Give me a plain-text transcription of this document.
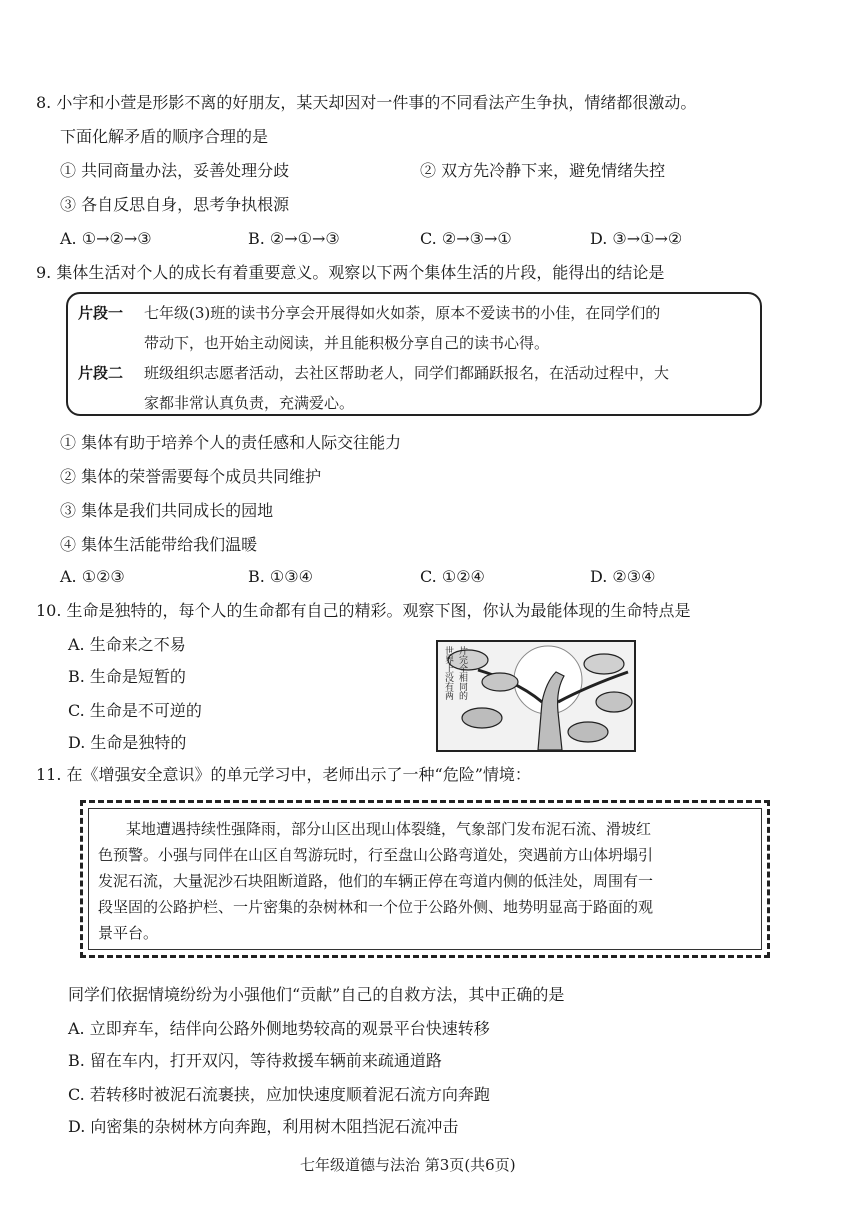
8. 小宇和小萱是形影不离的好朋友，某天却因对一件事的不同看法产生争执，情绪都很激动。
下面化解矛盾的顺序合理的是
① 共同商量办法，妥善处理分歧	② 双方先冷静下来，避免情绪失控
③ 各自反思自身，思考争执根源
A. ①→②→③	B. ②→①→③	C. ②→③→①	D. ③→①→②
9. 集体生活对个人的成长有着重要意义。观察以下两个集体生活的片段，能得出的结论是
片段一 七年级(3)班的读书分享会开展得如火如荼，原本不爱读书的小佳，在同学们的
带动下，也开始主动阅读，并且能积极分享自己的读书心得。
片段二 班级组织志愿者活动，去社区帮助老人，同学们都踊跃报名，在活动过程中，大
家都非常认真负责，充满爱心。
① 集体有助于培养个人的责任感和人际交往能力
② 集体的荣誉需要每个成员共同维护
③ 集体是我们共同成长的园地
④ 集体生活能带给我们温暖
A. ①②③	B. ①③④	C. ①②④	D. ②③④
10. 生命是独特的，每个人的生命都有自己的精彩。观察下图，你认为最能体现的生命特点是
A. 生命来之不易
B. 生命是短暂的
C. 生命是不可逆的
D. 生命是独特的
世界上没有两 片完全相同的
11. 在《增强安全意识》的单元学习中，老师出示了一种“危险”情境：
某地遭遇持续性强降雨，部分山区出现山体裂缝，气象部门发布泥石流、滑坡红
色预警。小强与同伴在山区自驾游玩时，行至盘山公路弯道处，突遇前方山体坍塌引
发泥石流，大量泥沙石块阻断道路，他们的车辆正停在弯道内侧的低洼处，周围有一
段坚固的公路护栏、一片密集的杂树林和一个位于公路外侧、地势明显高于路面的观
景平台。
同学们依据情境纷纷为小强他们“贡献”自己的自救方法，其中正确的是
A. 立即弃车，结伴向公路外侧地势较高的观景平台快速转移
B. 留在车内，打开双闪，等待救援车辆前来疏通道路
C. 若转移时被泥石流裹挟，应加快速度顺着泥石流方向奔跑
D. 向密集的杂树林方向奔跑，利用树木阻挡泥石流冲击
七年级道德与法治 第3页(共6页)
